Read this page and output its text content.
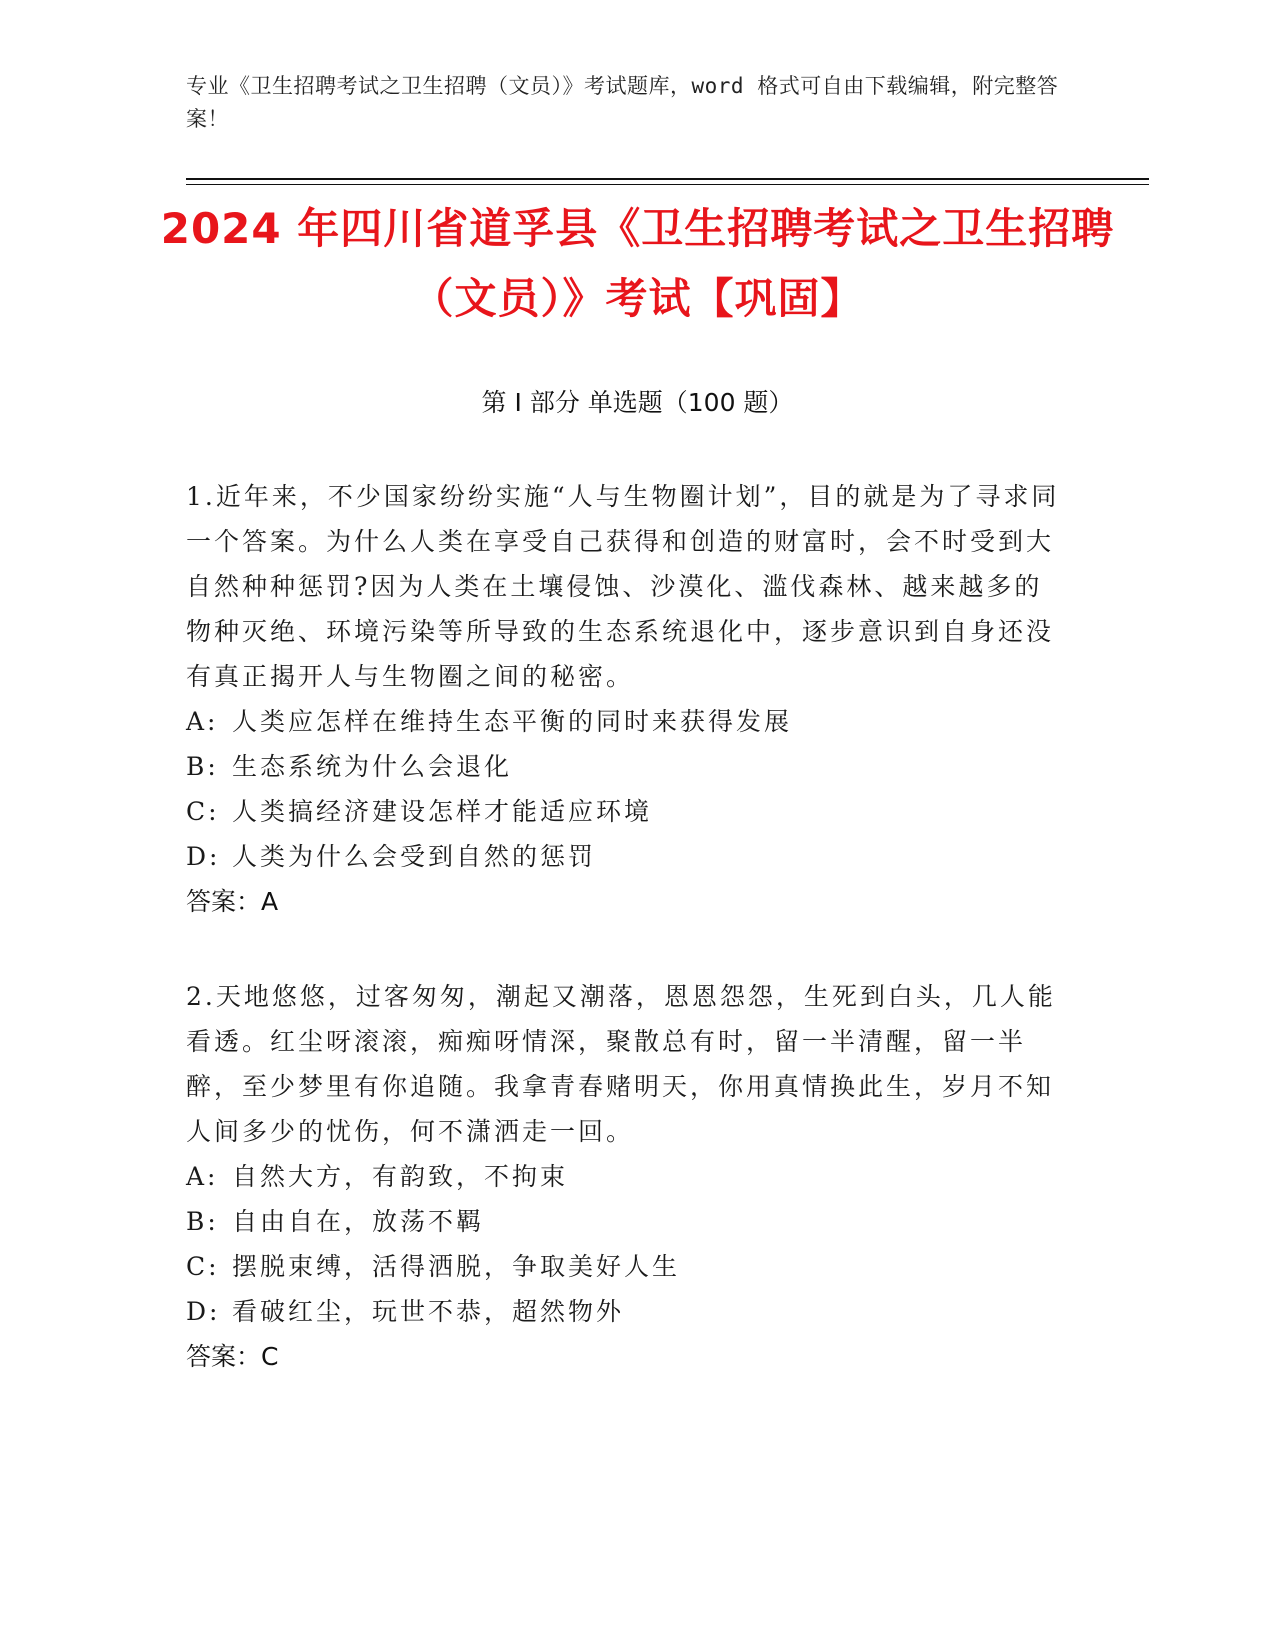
专业《卫生招聘考试之卫生招聘（文员）》考试题库，word 格式可自由下载编辑，附完整答案！
2024 年四川省道孚县《卫生招聘考试之卫生招聘（文员）》考试【巩固】
第 I 部分 单选题（100 题）
1.近年来，不少国家纷纷实施“人与生物圈计划”，目的就是为了寻求同一个答案。为什么人类在享受自己获得和创造的财富时，会不时受到大自然种种惩罚?因为人类在土壤侵蚀、沙漠化、滥伐森林、越来越多的物种灭绝、环境污染等所导致的生态系统退化中，逐步意识到自身还没有真正揭开人与生物圈之间的秘密。
A: 人类应怎样在维持生态平衡的同时来获得发展
B: 生态系统为什么会退化
C: 人类搞经济建设怎样才能适应环境
D: 人类为什么会受到自然的惩罚
答案：A
2.天地悠悠，过客匆匆，潮起又潮落，恩恩怨怨，生死到白头，几人能看透。红尘呀滚滚，痴痴呀情深，聚散总有时，留一半清醒，留一半醉，至少梦里有你追随。我拿青春赌明天，你用真情换此生，岁月不知人间多少的忧伤，何不潇洒走一回。
A: 自然大方，有韵致，不拘束
B: 自由自在，放荡不羁
C: 摆脱束缚，活得洒脱，争取美好人生
D: 看破红尘，玩世不恭，超然物外
答案：C
